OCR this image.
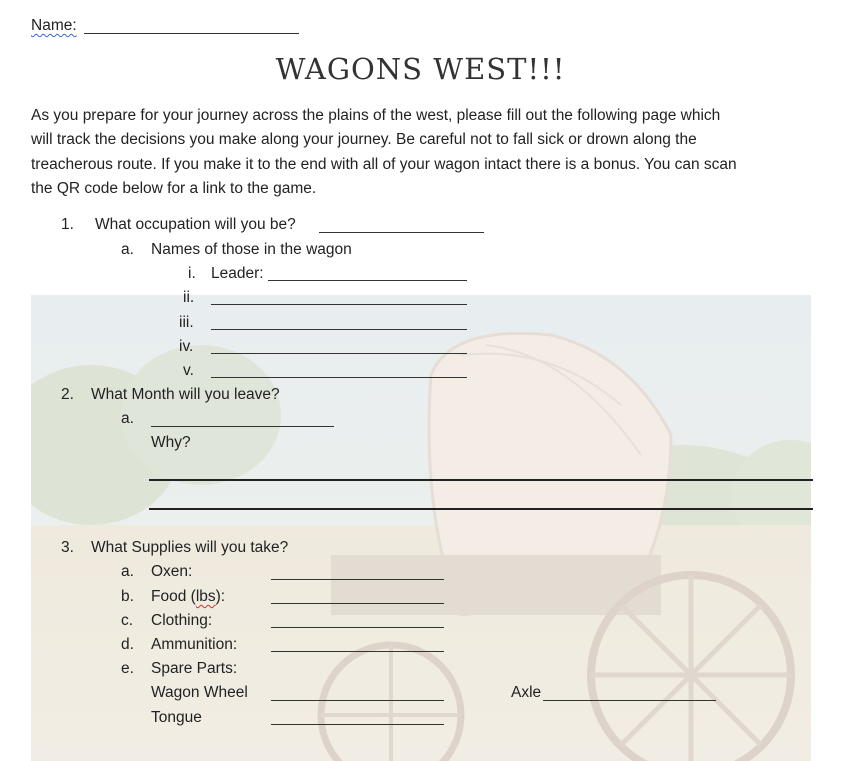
Name:
WAGONS WEST!!!
As you prepare for your journey across the plains of the west, please fill out the following page which
will track the decisions you make along your journey. Be careful not to fall sick or drown along the
treacherous route. If you make it to the end with all of your wagon intact there is a bonus. You can scan
the QR code below for a link to the game.
1. What occupation will you be?
a. Names of those in the wagon
i. Leader:
ii.
iii.
iv.
v.
2. What Month will you leave?
a.
Why?
3. What Supplies will you take?
a. Oxen:
b. Food (lbs):
c. Clothing:
d. Ammunition:
e. Spare Parts:
Wagon Wheel	Axle
Tongue
